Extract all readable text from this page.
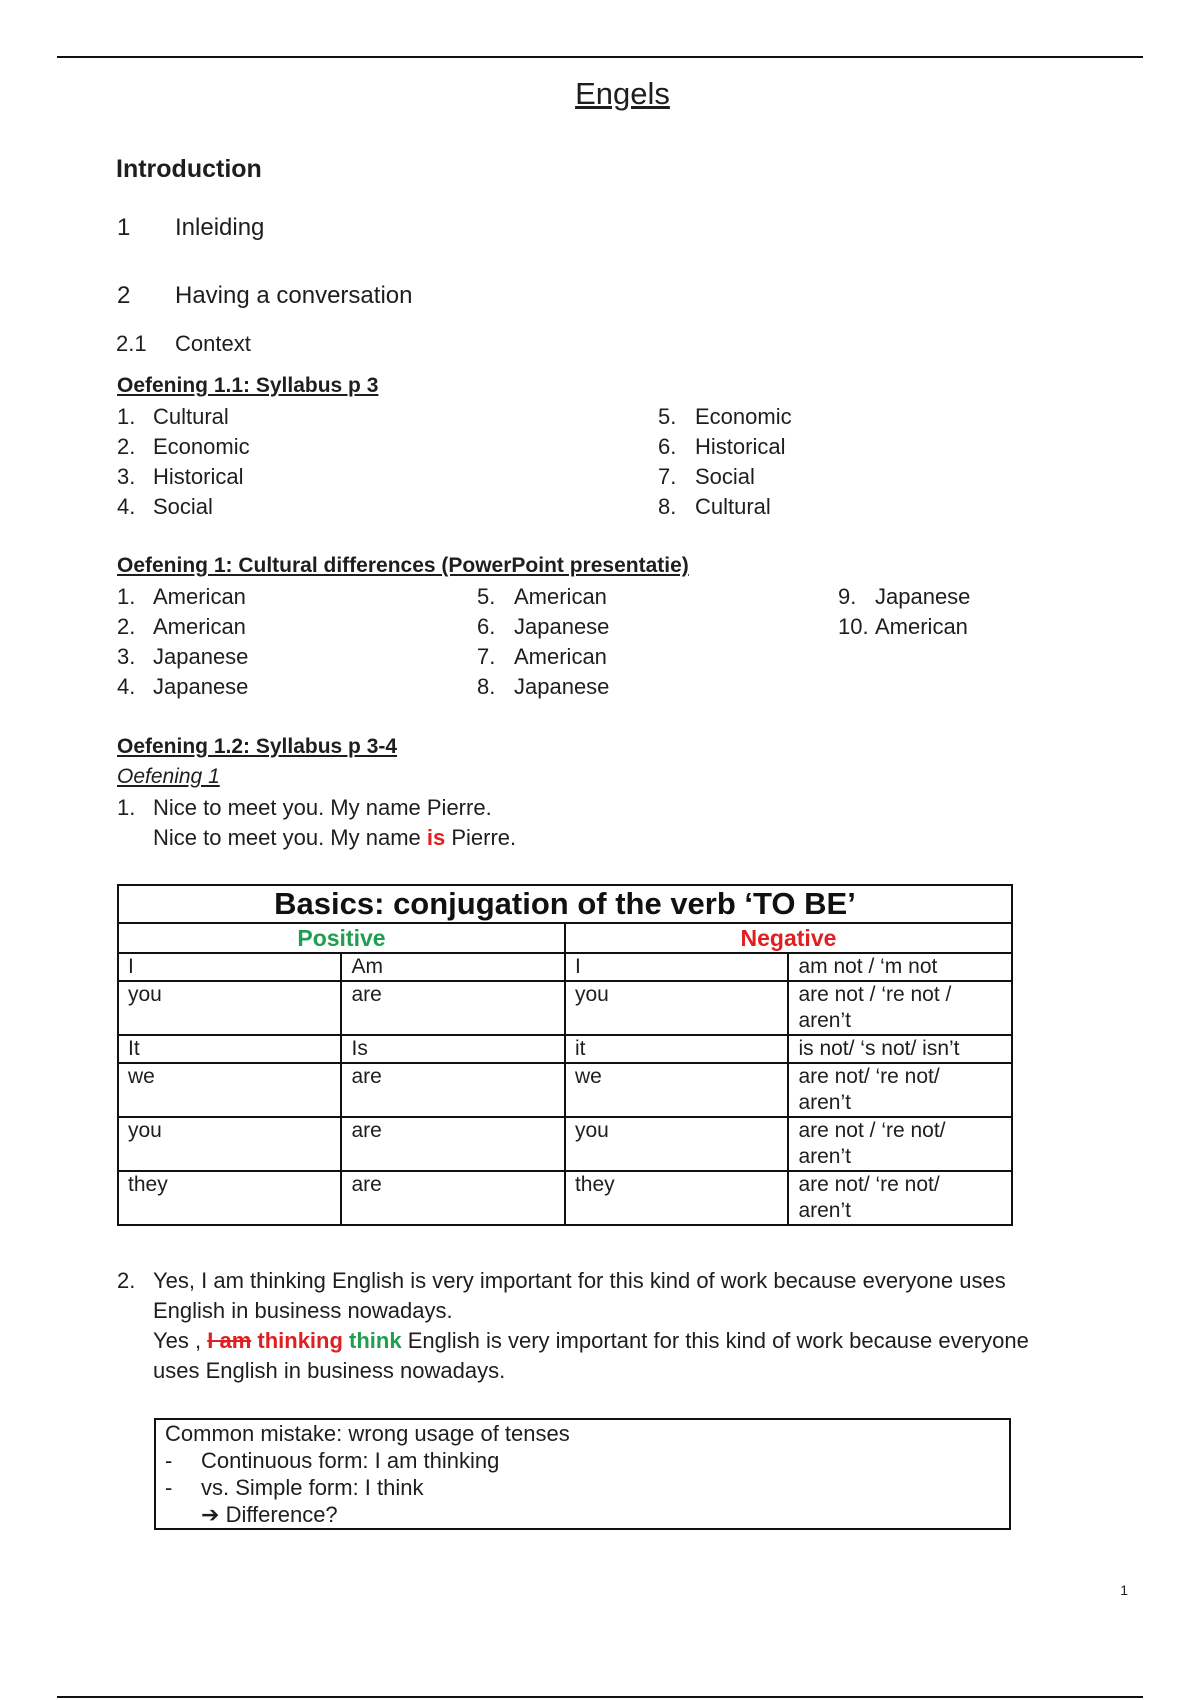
Engels
Introduction
1 Inleiding
2 Having a conversation
2.1 Context
Oefening 1.1: Syllabus p 3
1. Cultural
2. Economic
3. Historical
4. Social
5. Economic
6. Historical
7. Social
8. Cultural
Oefening 1: Cultural differences (PowerPoint presentatie)
1. American
2. American
3. Japanese
4. Japanese
5. American
6. Japanese
7. American
8. Japanese
9. Japanese
10. American
Oefening 1.2: Syllabus p 3-4
Oefening 1
1. Nice to meet you. My name Pierre.
Nice to meet you. My name is Pierre.
Basics: conjugation of the verb ‘TO BE’			
Positive		Negative	
I	Am	I	am not / ‘m not
you	are	you	are not / ‘re not /
aren’t

It	Is	it	is not/ ‘s not/ isn’t
we	are	we	are not/ ‘re not/
aren’t

you	are	you	are not / ‘re not/
aren’t

they	are	they	are not/ ‘re not/
aren’t
2. Yes, I am thinking English is very important for this kind of work because everyone uses
English in business nowadays.
Yes , I am thinking think English is very important for this kind of work because everyone
uses English in business nowadays.
Common mistake: wrong usage of tenses
- Continuous form: I am thinking
- vs. Simple form: I think
➔ Difference?
1
